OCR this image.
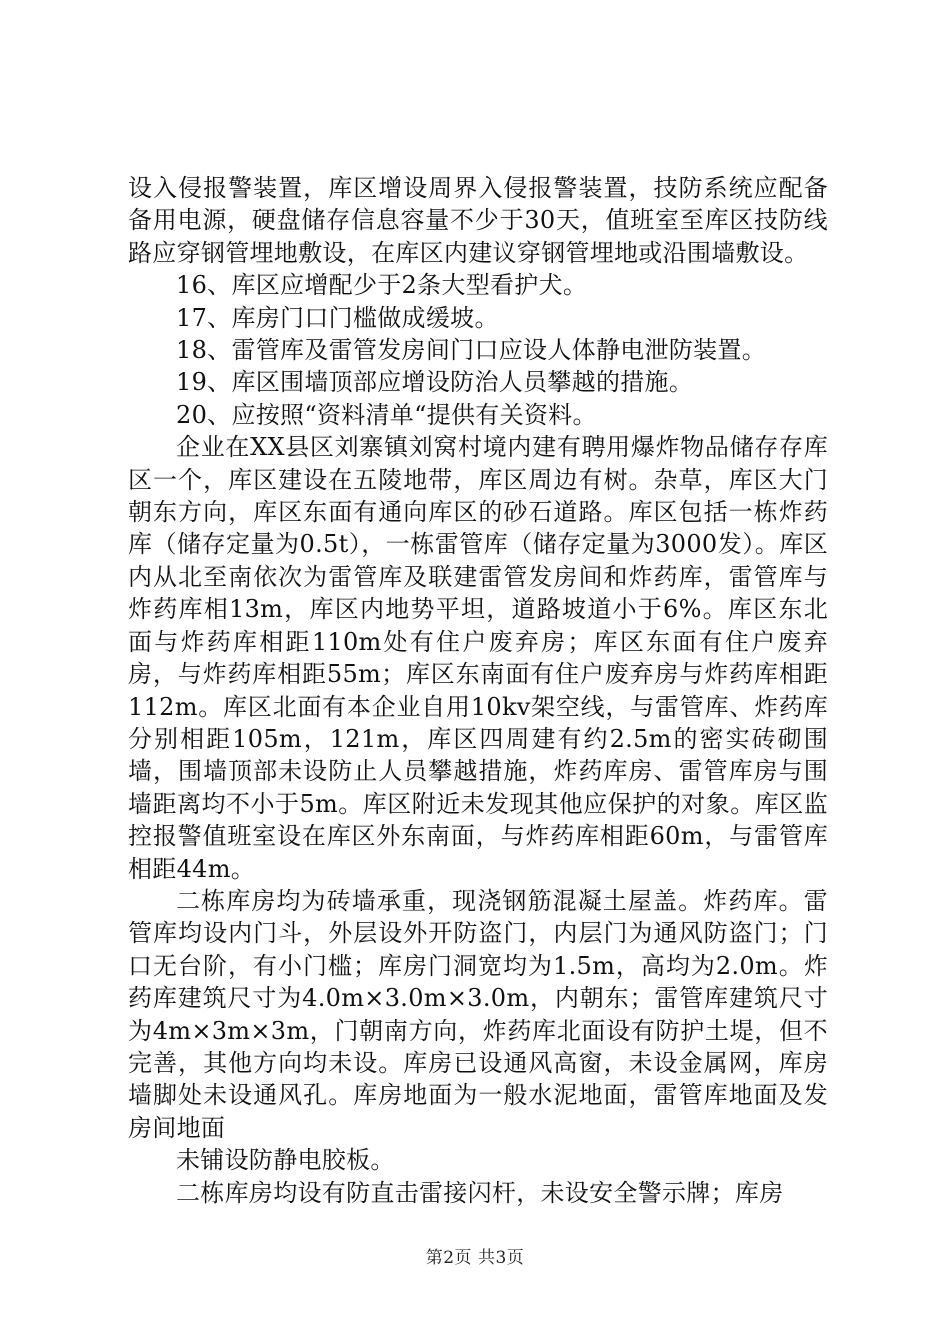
设入侵报警装置，库区增设周界入侵报警装置，技防系统应配备备用电源，硬盘储存信息容量不少于30天，值班室至库区技防线路应穿钢管埋地敷设，在库区内建议穿钢管埋地或沿围墙敷设。

16、库区应增配少于2条大型看护犬。

17、库房门口门槛做成缓坡。

18、雷管库及雷管发房间门口应设人体静电泄防装置。

19、库区围墙顶部应增设防治人员攀越的措施。

20、应按照“资料清单“提供有关资料。

企业在XX县区刘寨镇刘窝村境内建有聘用爆炸物品储存存库区一个，库区建设在五陵地带，库区周边有树。杂草，库区大门朝东方向，库区东面有通向库区的砂石道路。库区包括一栋炸药库（储存定量为0.5t），一栋雷管库（储存定量为3000发）。库区内从北至南依次为雷管库及联建雷管发房间和炸药库，雷管库与炸药库相13m，库区内地势平坦，道路坡道小于6%。库区东北面与炸药库相距110m处有住户废弃房；库区东面有住户废弃房，与炸药库相距55m；库区东南面有住户废弃房与炸药库相距112m。库区北面有本企业自用10kv架空线，与雷管库、炸药库分别相距105m，121m，库区四周建有约2.5m的密实砖砌围墙，围墙顶部未设防止人员攀越措施，炸药库房、雷管库房与围墙距离均不小于5m。库区附近未发现其他应保护的对象。库区监控报警值班室设在库区外东南面，与炸药库相距60m，与雷管库相距44m。

二栋库房均为砖墙承重，现浇钢筋混凝土屋盖。炸药库。雷管库均设内门斗，外层设外开防盗门，内层门为通风防盗门；门口无台阶，有小门槛；库房门洞宽均为1.5m，高均为2.0m。炸药库建筑尺寸为4.0m×3.0m×3.0m，内朝东；雷管库建筑尺寸为4m×3m×3m，门朝南方向，炸药库北面设有防护土堤，但不完善，其他方向均未设。库房已设通风高窗，未设金属网，库房墙脚处未设通风孔。库房地面为一般水泥地面，雷管库地面及发房间地面

未铺设防静电胶板。

二栋库房均设有防直击雷接闪杆，未设安全警示牌；库房

第2页 共3页
